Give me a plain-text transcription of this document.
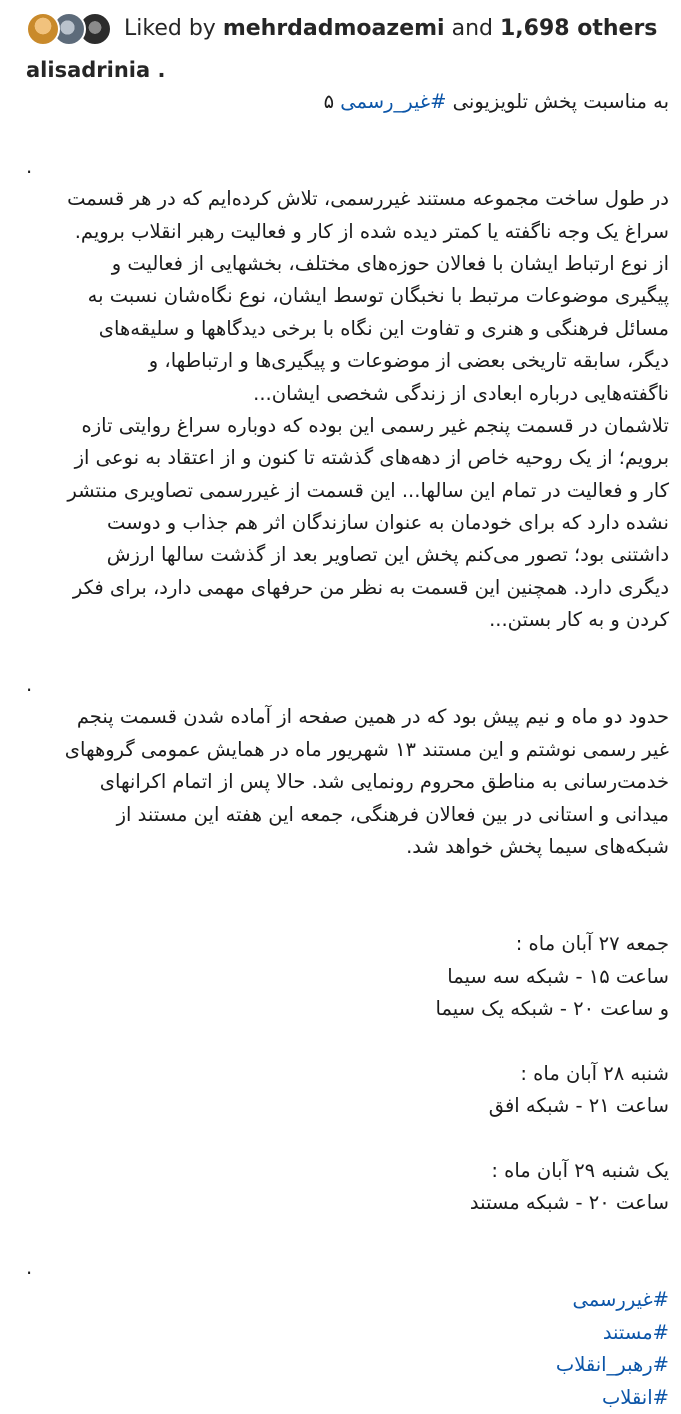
Liked by mehrdadmoazemi and 1,698 others
alisadrinia .
به مناسبت پخش تلویزیونی #غیر_رسمی ۵
.
در طول ساخت مجموعه مستند غیررسمی، تلاش کرده‌ایم که در هر قسمت
سراغ یک وجه ناگفته یا کمتر دیده شده از کار و فعالیت رهبر انقلاب برویم.
از نوع ارتباط ایشان با فعالان حوزه‌های مختلف، بخشهایی از فعالیت و
پیگیری موضوعات مرتبط با نخبگان توسط ایشان، نوع نگاه‌شان نسبت به
مسائل فرهنگی و هنری و تفاوت این نگاه با برخی دیدگاهها و سلیقه‌های
دیگر، سابقه تاریخی بعضی از موضوعات و پیگیری‌ها و ارتباطها، و
ناگفته‌هایی درباره ابعادی از زندگی شخصی ایشان...
تلاشمان در قسمت پنجم غیر رسمی این بوده که دوباره سراغ روایتی تازه
برویم؛ از یک روحیه خاص از دهه‌های گذشته تا کنون و از اعتقاد به نوعی از
کار و فعالیت در تمام این سالها... این قسمت از غیررسمی تصاویری منتشر
نشده دارد که برای خودمان به عنوان سازندگان اثر هم جذاب و دوست
داشتنی بود؛ تصور می‌کنم پخش این تصاویر بعد از گذشت سالها ارزش
دیگری دارد. همچنین این قسمت به نظر من حرفهای مهمی دارد، برای فکر
کردن و به کار بستن...
.
حدود دو ماه و نیم پیش بود که در همین صفحه از آماده شدن قسمت پنجم
غیر رسمی نوشتم و این مستند ۱۳ شهریور ماه در همایش عمومی گروههای
خدمت‌رسانی به مناطق محروم رونمایی شد. حالا پس از اتمام اکرانهای
میدانی و استانی در بین فعالان فرهنگی، جمعه این هفته این مستند از
شبکه‌های سیما پخش خواهد شد.
جمعه ۲۷ آبان ماه :
ساعت ۱۵ - شبکه سه سیما
و ساعت ۲۰ - شبکه یک سیما
شنبه ۲۸ آبان ماه :
ساعت ۲۱ - شبکه افق
یک شنبه ۲۹ آبان ماه :
ساعت ۲۰ - شبکه مستند
.
#غیررسمی
#مستند
#رهبر_انقلاب
#انقلاب
